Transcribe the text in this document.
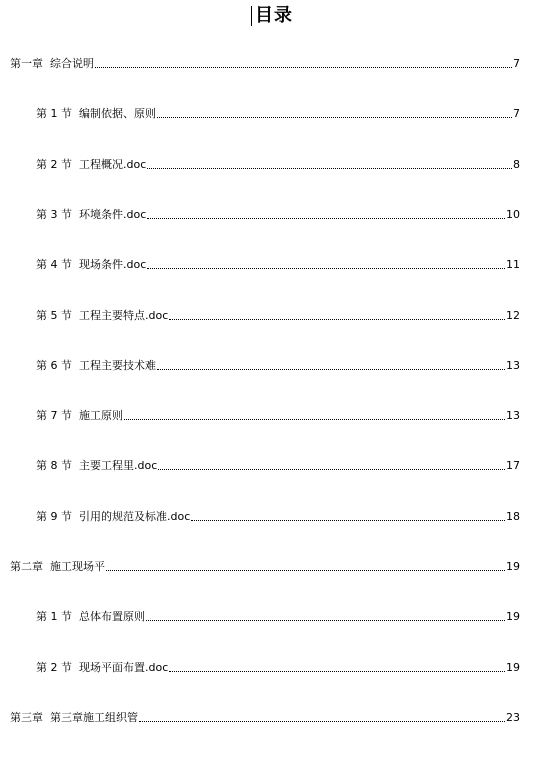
目录
第一章 综合说明	7
第 1 节 编制依据、原则	7
第 2 节 工程概况.doc	8
第 3 节 环境条件.doc	10
第 4 节 现场条件.doc	11
第 5 节 工程主要特点.doc	12
第 6 节 工程主要技术难	13
第 7 节 施工原则	13
第 8 节 主要工程里.doc	17
第 9 节 引用的规范及标准.doc	18
第二章 施工现场平	19
第 1 节 总体布置原则	19
第 2 节 现场平面布置.doc	19
第三章 第三章施工组织管	23
